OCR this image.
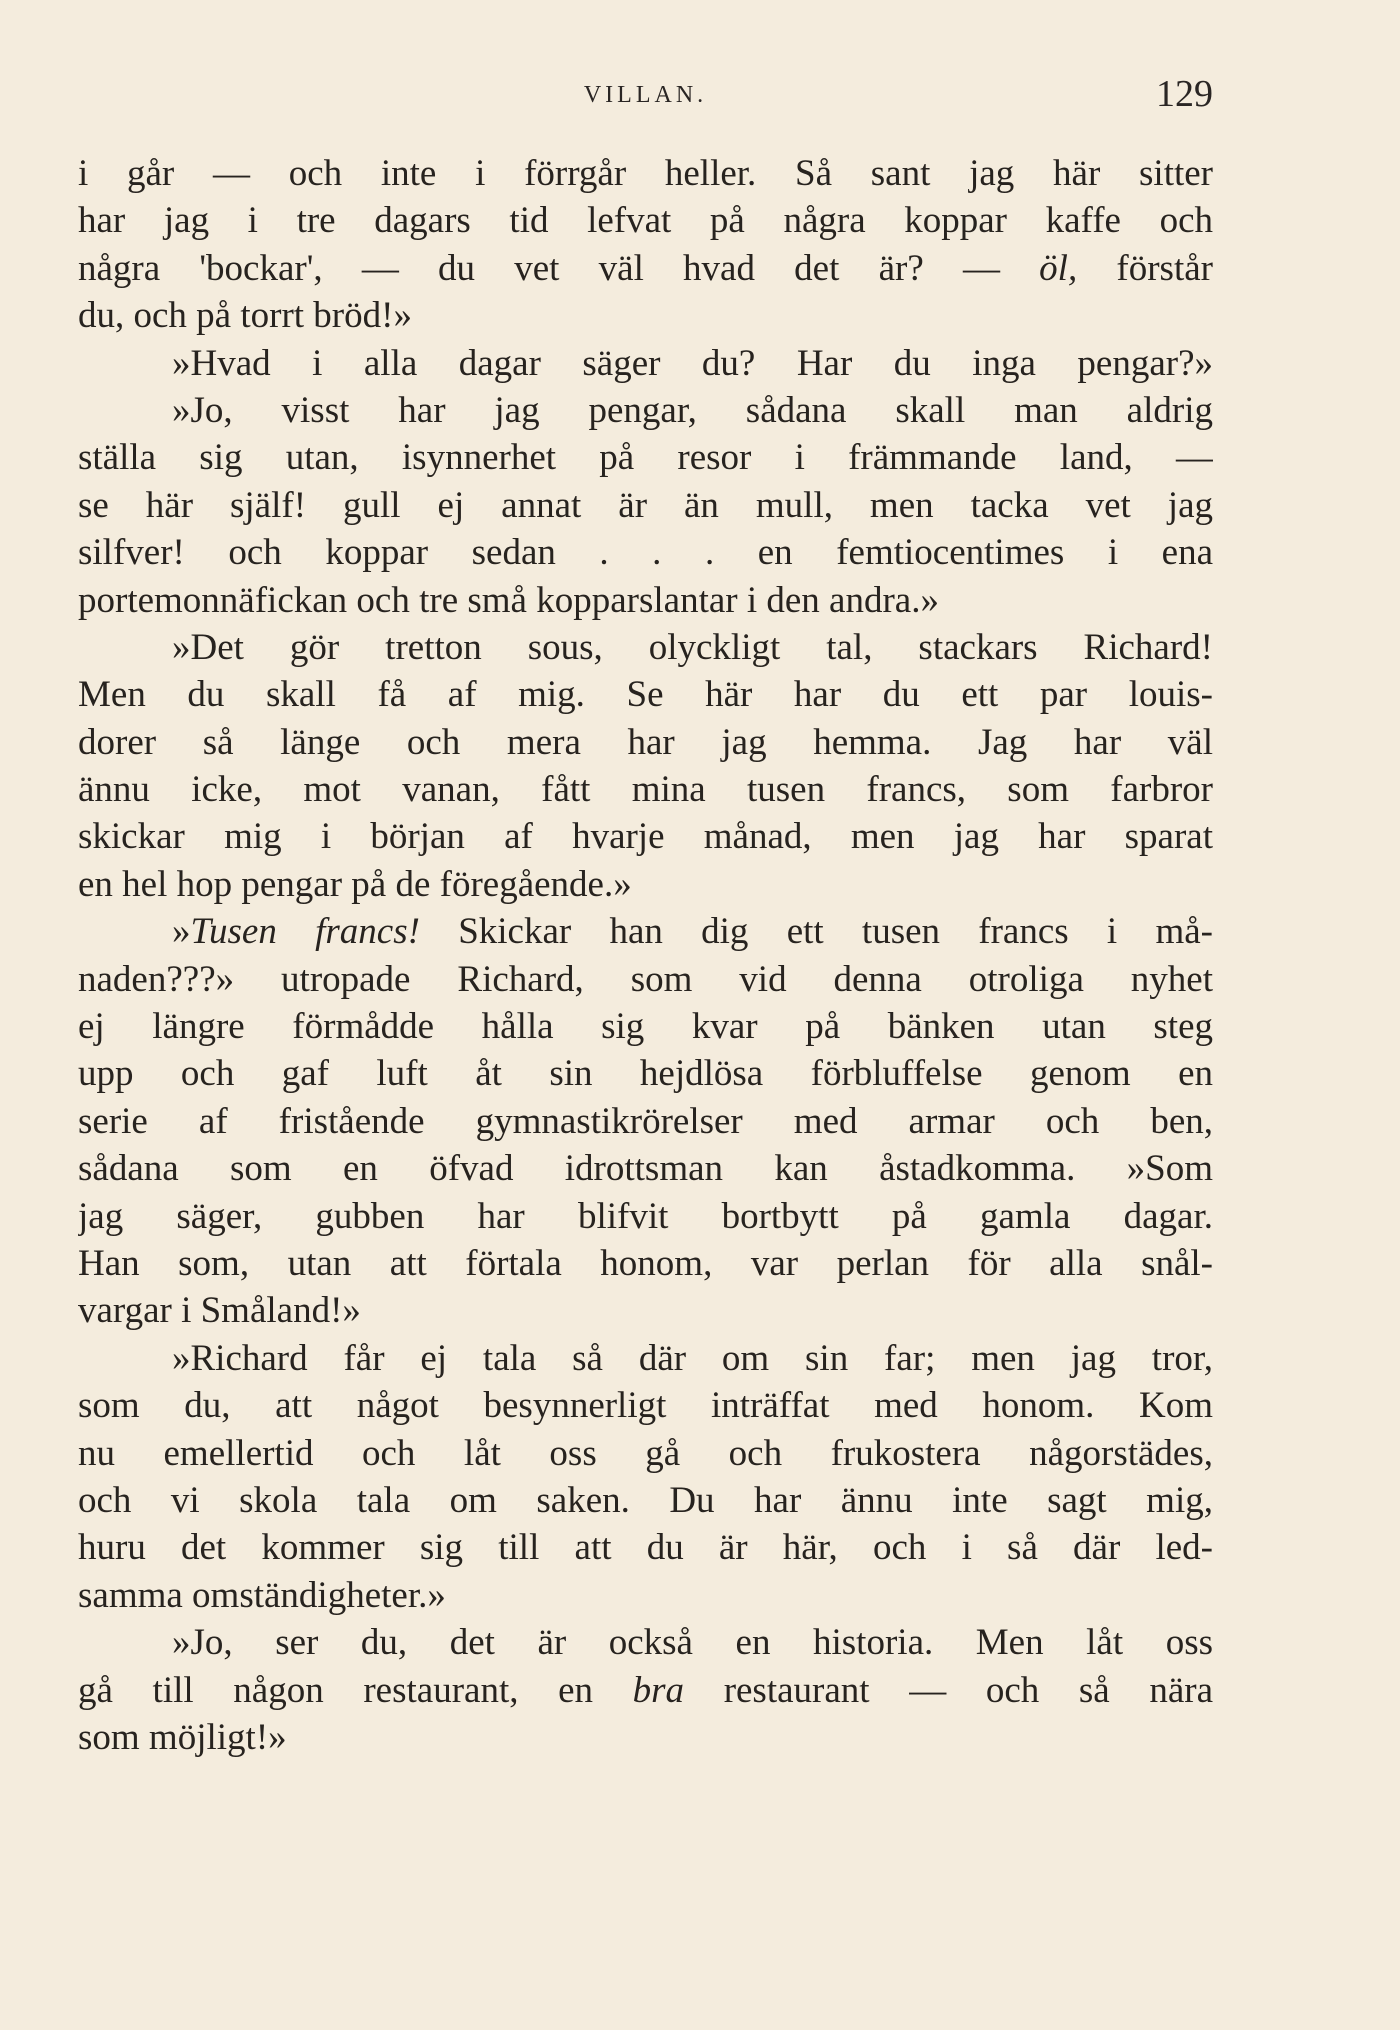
VILLAN.	129
i går — och inte i förrgår heller. Så sant jag här sitter
har jag i tre dagars tid lefvat på några koppar kaffe och
några 'bockar', — du vet väl hvad det är? — öl, förstår
du, och på torrt bröd!»
»Hvad i alla dagar säger du? Har du inga pengar?»
»Jo, visst har jag pengar, sådana skall man aldrig
ställa sig utan, isynnerhet på resor i främmande land, —
se här själf! gull ej annat är än mull, men tacka vet jag
silfver! och koppar sedan . . . en femtiocentimes i ena
portemonnäfickan och tre små kopparslantar i den andra.»
»Det gör tretton sous, olyckligt tal, stackars Richard!
Men du skall få af mig. Se här har du ett par louis-
dorer så länge och mera har jag hemma. Jag har väl
ännu icke, mot vanan, fått mina tusen francs, som farbror
skickar mig i början af hvarje månad, men jag har sparat
en hel hop pengar på de föregående.»
»Tusen francs! Skickar han dig ett tusen francs i må-
naden???» utropade Richard, som vid denna otroliga nyhet
ej längre förmådde hålla sig kvar på bänken utan steg
upp och gaf luft åt sin hejdlösa förbluffelse genom en
serie af fristående gymnastikrörelser med armar och ben,
sådana som en öfvad idrottsman kan åstadkomma. »Som
jag säger, gubben har blifvit bortbytt på gamla dagar.
Han som, utan att förtala honom, var perlan för alla snål-
vargar i Småland!»
»Richard får ej tala så där om sin far; men jag tror,
som du, att något besynnerligt inträffat med honom. Kom
nu emellertid och låt oss gå och frukostera någorstädes,
och vi skola tala om saken. Du har ännu inte sagt mig,
huru det kommer sig till att du är här, och i så där led-
samma omständigheter.»
»Jo, ser du, det är också en historia. Men låt oss
gå till någon restaurant, en bra restaurant — och så nära
som möjligt!»
